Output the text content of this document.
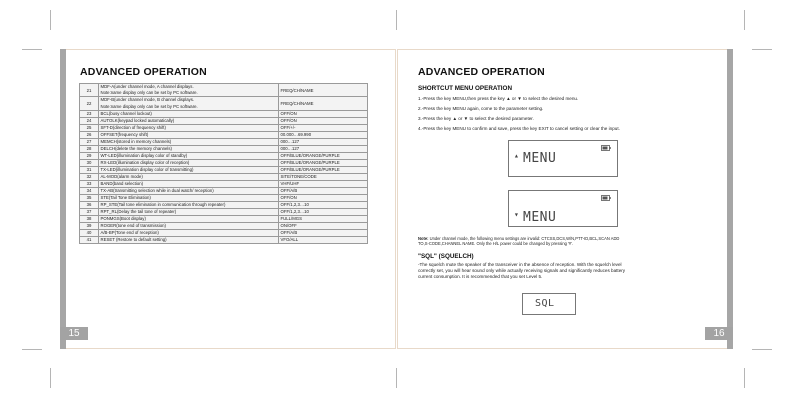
15	16
ADVANCED OPERATION
21	MDF-A(under channel mode, A channel displays.
Note:name display only can be set by PC software.	FREQ/CH/NAME
22	MDF-B(under channel mode, B channel displays.
Note:name display only can be set by PC software.	FREQ/CH/NAME
23	BCL(busy channel lockout)	OFF/ON
24	AUTOLK(keypad locked automatically)	OFF/ON
25	SFT-D(direction of frequency shift)	OFF/+/-
26	OFFSET(frequency shift)	00.000…69.990
27	MEMCH(stored in memory channels)	000…127
28	DELCH(delete the memory channels)	000…127
29	WT-LED(illumination display color of standby)	OFF/BLUE/ORANGE/PURPLE
30	RX-LED(illumination display color of reception)	OFF/BLUE/ORANGE/PURPLE
31	TX-LED(illumination display color of transmitting)	OFF/BLUE/ORANGE/PURPLE
32	AL-MOD(alarm mode)	SITE/TONE/CODE
33	BAND(band selection)	VHF/UHF
34	TX-AB(transmitting selection while in dual watch/ reception)	OFF/A/B
35	STE(Tail Tone Elimination)	OFF/ON
36	RP_STE(Tail tone elimination in communication through repeater)	OFF/1,2,3…10
37	RPT_RL(Delay the tail tone of repeater)	OFF/1,2,3…10
38	PONMGS(Boot display)	FULL/MGS
39	ROGER(tone end of transmission)	ON/OFF
40	A/B-BP(Tone end of reception)	OFF/A/B
41	RESET (Restore to default setting)	VFO/ALL
ADVANCED OPERATION
SHORTCUT MENU OPERATION

1.-Press the key MENU,then press the key ▲ or ▼ to select the desired menu.

2.-Press the key MENU again, come to the parameter setting.

3.-Press the key ▲ or ▼ to select the desired parameter.

4.-Press the key MENU to confirm and save, press the key EXIT to cancel setting or clear the input.

▴ MENU
▾ MENU

Note: Under channel mode, the following menu settings are invalid: CTCSS,DCS,W/N,PTT-ID,BCL,SCAN ADD
TO,S-CODE,CHANNEL NAME. Only the H/L power could be changed by pressing '#'.

"SQL" (SQUELCH)

-The squelch mute the speaker of the transceiver in the absence of reception. With the squelch level
correctly set, you will hear sound only while actually receiving signals and significantly reduces battery
current consumption. It is recommended that you set Level 5.

SQL
